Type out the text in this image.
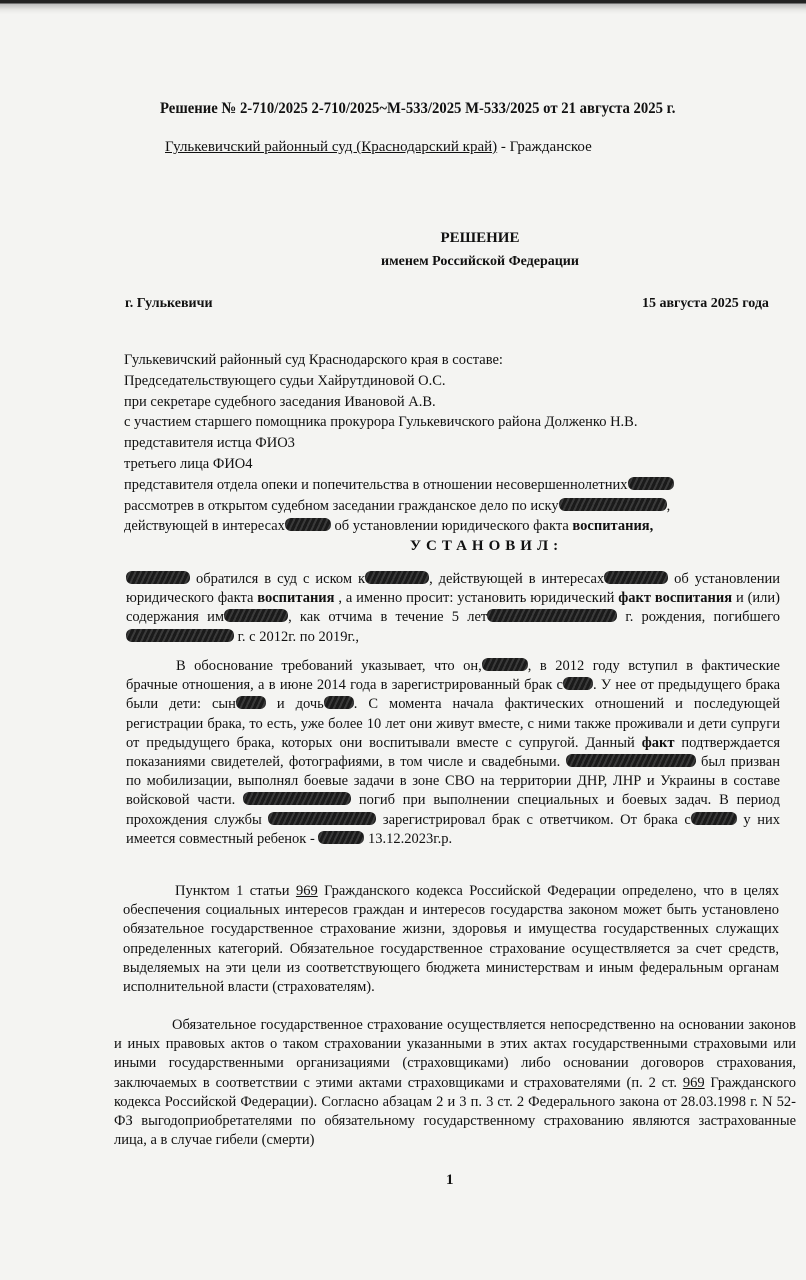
Решение № 2-710/2025 2-710/2025~М-533/2025 М-533/2025 от 21 августа 2025 г.
Гулькевичский районный суд (Краснодарский край) - Гражданское
РЕШЕНИЕ
именем Российской Федерации
г. Гулькевичи	15 августа 2025 года
Гулькевичский районный суд Краснодарского края в составе:
Председательствующего судьи Хайрутдиновой О.С.
при секретаре судебного заседания Ивановой А.В.
с участием старшего помощника прокурора Гулькевичского района Долженко Н.В.
представителя истца ФИО3
третьего лица ФИО4
представителя отдела опеки и попечительства в отношении несовершеннолетних
рассмотрев в открытом судебном заседании гражданское дело по иску	,
действующей в интересах	об установлении юридического факта воспитания,
УСТАНОВИЛ:
обратился в суд с иском к	, действующей в интересах	об установлении юридического факта воспитания , а именно просит: установить юридический факт воспитания и (или) содержания им	, как отчима в течение 5 лет	г. рождения, погибшего  г. с 2012г. по 2019г.,
В обоснование требований указывает, что он,	, в 2012 году вступил в фактические брачные отношения, а в июне 2014 года в зарегистрированный брак с . У нее от предыдущего брака были дети: сын и дочь . С момента начала фактических отношений и последующей регистрации брака, то есть, уже более 10 лет они живут вместе, с ними также проживали и дети супруги от предыдущего брака, которых они воспитывали вместе с супругой. Данный факт подтверждается показаниями свидетелей, фотографиями, в том числе и свадебными.	был призван по мобилизации, выполнял боевые задачи в зоне СВО на территории ДНР, ЛНР и Украины в составе войсковой части.	погиб при выполнении специальных и боевых задач. В период прохождения службы	зарегистрировал брак с ответчиком. От брака с	у них имеется совместный ребенок -	13.12.2023г.р.
Пунктом 1 статьи 969 Гражданского кодекса Российской Федерации определено, что в целях обеспечения социальных интересов граждан и интересов государства законом может быть установлено обязательное государственное страхование жизни, здоровья и имущества государственных служащих определенных категорий. Обязательное государственное страхование осуществляется за счет средств, выделяемых на эти цели из соответствующего бюджета министерствам и иным федеральным органам исполнительной власти (страхователям).
Обязательное государственное страхование осуществляется непосредственно на основании законов и иных правовых актов о таком страховании указанными в этих актах государственными страховыми или иными государственными организациями (страховщиками) либо основании договоров страхования, заключаемых в соответствии с этими актами страховщиками и страхователями (п. 2 ст. 969 Гражданского кодекса Российской Федерации). Согласно абзацам 2 и 3 п. 3 ст. 2 Федерального закона от 28.03.1998 г. N 52-ФЗ выгодоприобретателями по обязательному государственному страхованию являются застрахованные лица, а в случае гибели (смерти)
1
